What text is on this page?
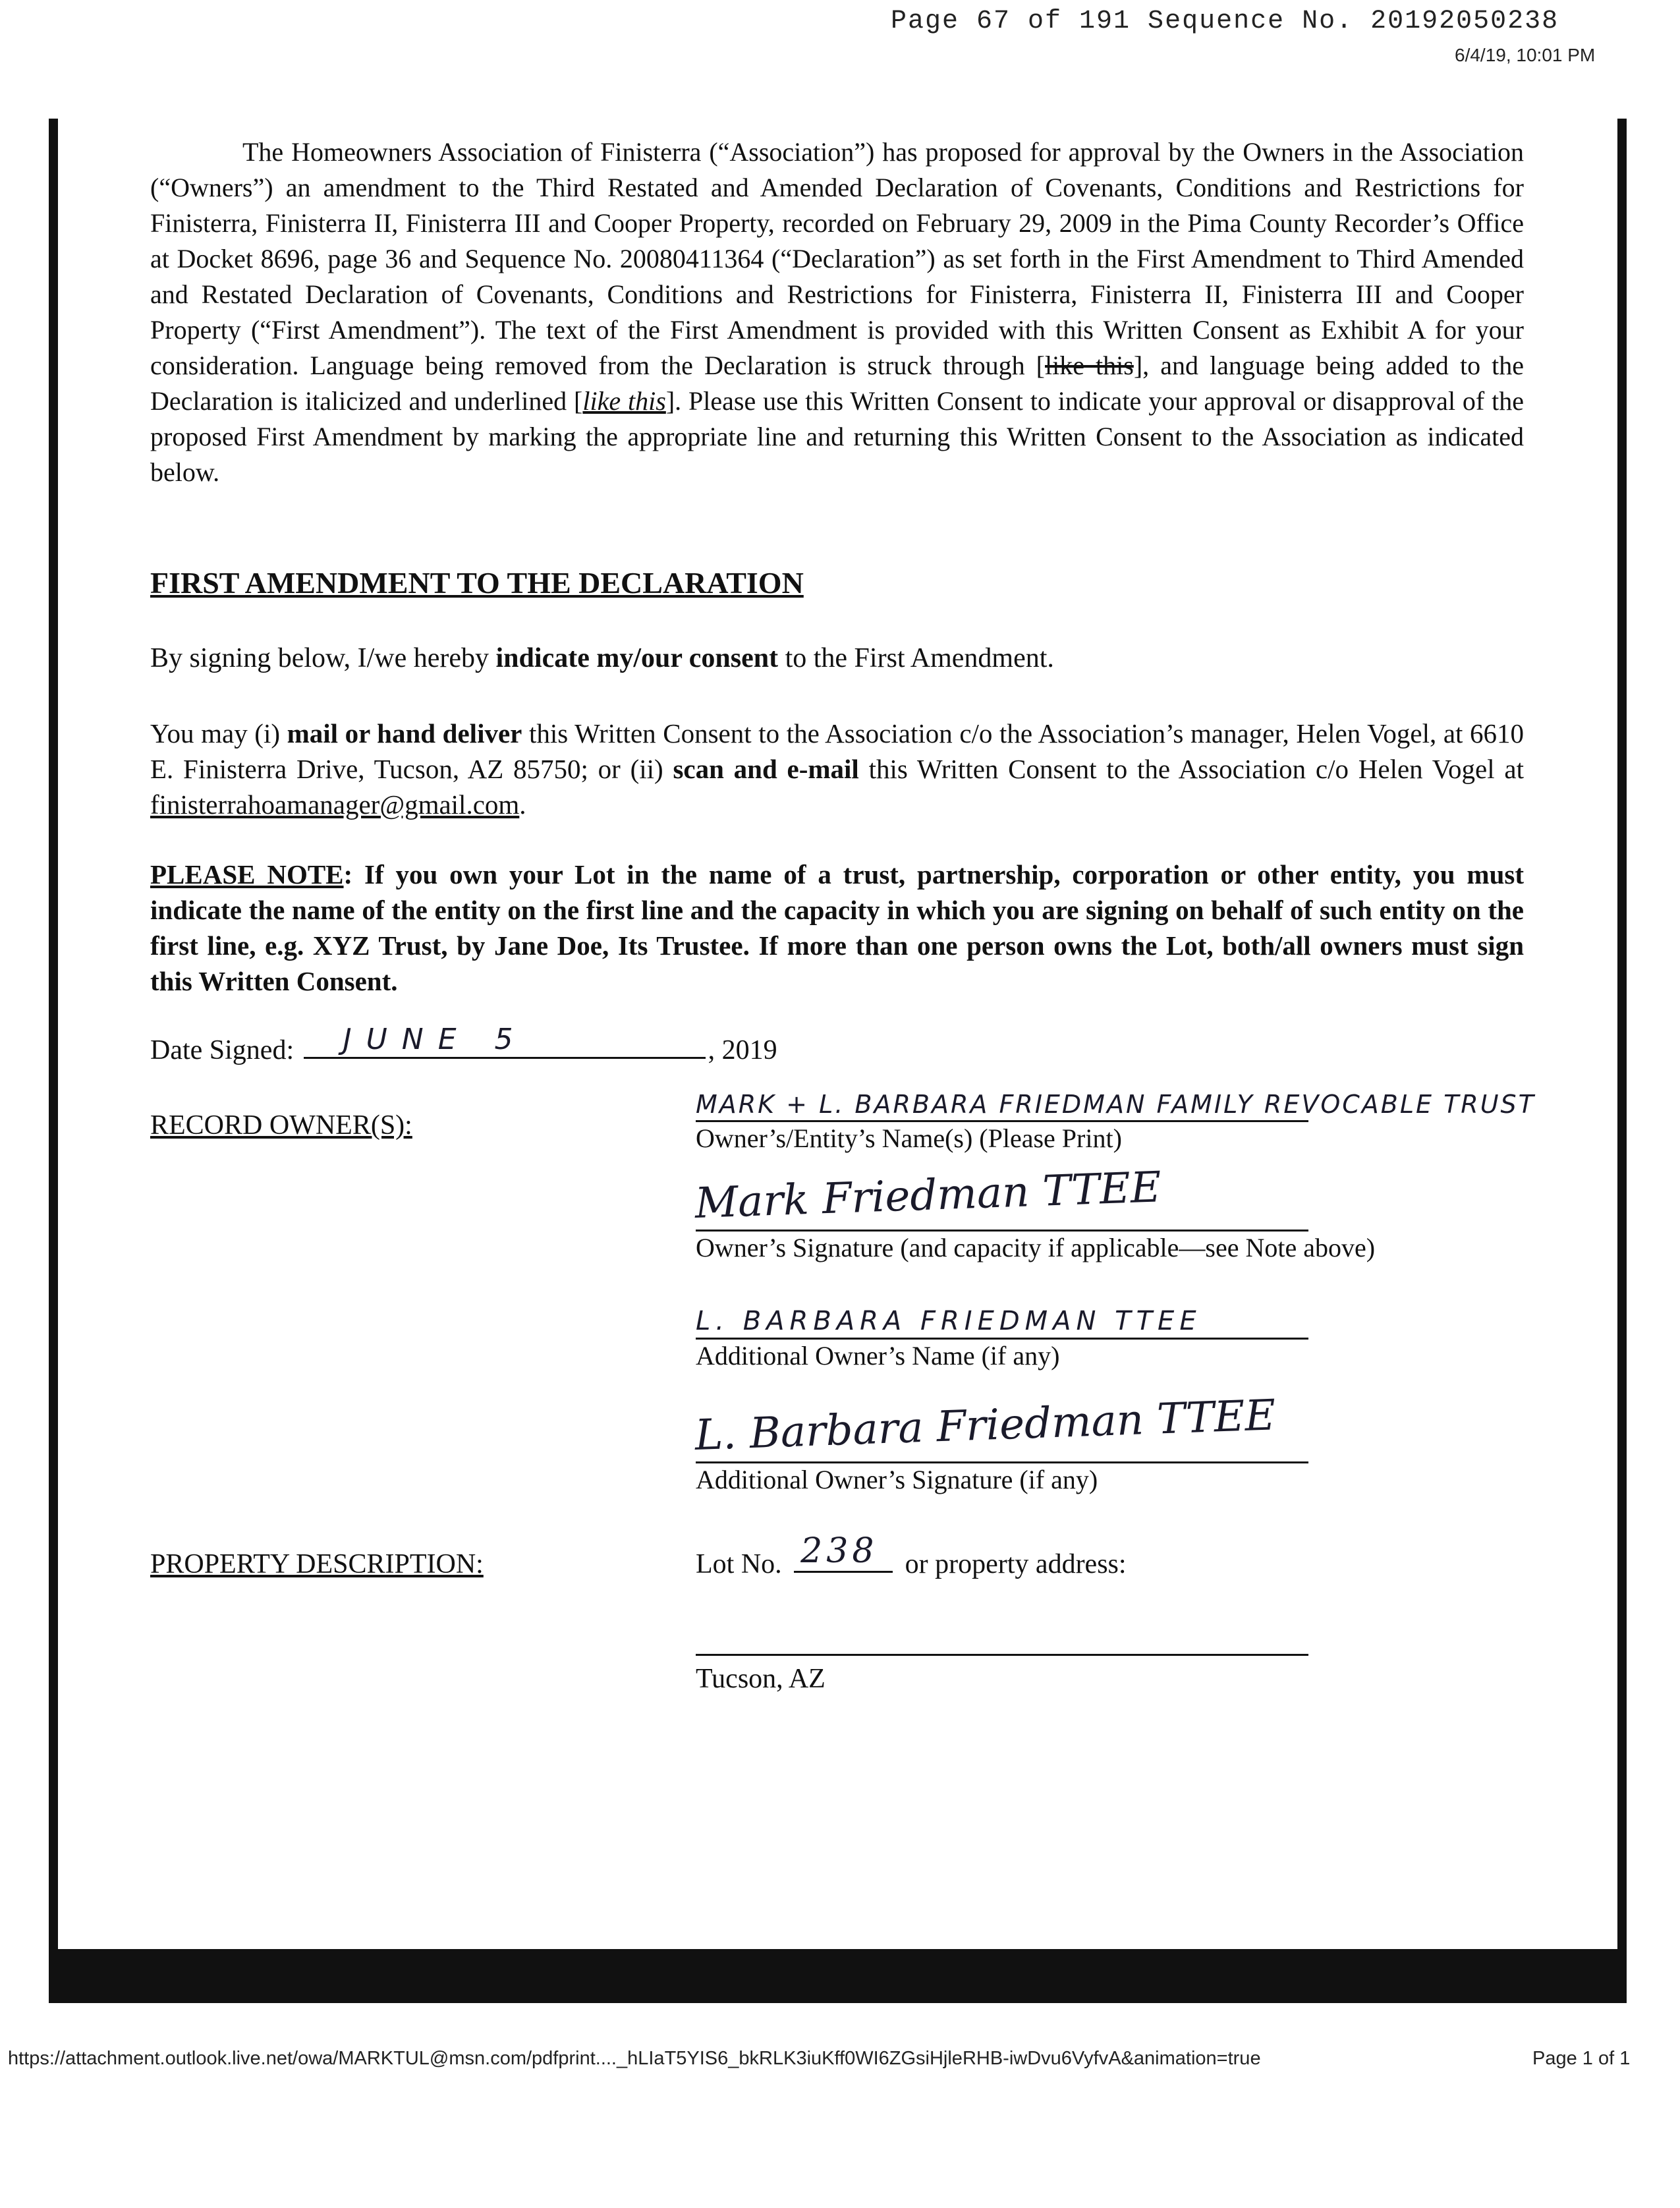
Page 67 of 191 Sequence No. 20192050238
6/4/19, 10:01 PM

The Homeowners Association of Finisterra (“Association”) has proposed for approval by the Owners in the Association (“Owners”) an amendment to the Third Restated and Amended Declaration of Covenants, Conditions and Restrictions for Finisterra, Finisterra II, Finisterra III and Cooper Property, recorded on February 29, 2009 in the Pima County Recorder’s Office at Docket 8696, page 36 and Sequence No. 20080411364 (“Declaration”) as set forth in the First Amendment to Third Amended and Restated Declaration of Covenants, Conditions and Restrictions for Finisterra, Finisterra II, Finisterra III and Cooper Property (“First Amendment”). The text of the First Amendment is provided with this Written Consent as Exhibit A for your consideration. Language being removed from the Declaration is struck through [like this], and language being added to the Declaration is italicized and underlined [like this]. Please use this Written Consent to indicate your approval or disapproval of the proposed First Amendment by marking the appropriate line and returning this Written Consent to the Association as indicated below.

FIRST AMENDMENT TO THE DECLARATION
By signing below, I/we hereby indicate my/our consent to the First Amendment.
You may (i) mail or hand deliver this Written Consent to the Association c/o the Association’s manager, Helen Vogel, at 6610 E. Finisterra Drive, Tucson, AZ 85750; or (ii) scan and e-mail this Written Consent to the Association c/o Helen Vogel at finisterrahoamanager@gmail.com.
PLEASE NOTE: If you own your Lot in the name of a trust, partnership, corporation or other entity, you must indicate the name of the entity on the first line and the capacity in which you are signing on behalf of such entity on the first line, e.g. XYZ Trust, by Jane Doe, Its Trustee. If more than one person owns the Lot, both/all owners must sign this Written Consent.
Date Signed: JUNE 5	, 2019
RECORD OWNER(S):
MARK + L. BARBARA FRIEDMAN FAMILY REVOCABLE TRUST
Owner’s/Entity’s Name(s) (Please Print)
Mark Friedman TTEE
Owner’s Signature (and capacity if applicable—see Note above)
L. BARBARA FRIEDMAN TTEE
Additional Owner’s Name (if any)
L. Barbara Friedman TTEE
Additional Owner’s Signature (if any)
PROPERTY DESCRIPTION:	Lot No. 238 or property address:
Tucson, AZ
https://attachment.outlook.live.net/owa/MARKTUL@msn.com/pdfprint...._hLIaT5YIS6_bkRLK3iuKff0WI6ZGsiHjleRHB-iwDvu6VyfvA&animation=true	Page 1 of 1
